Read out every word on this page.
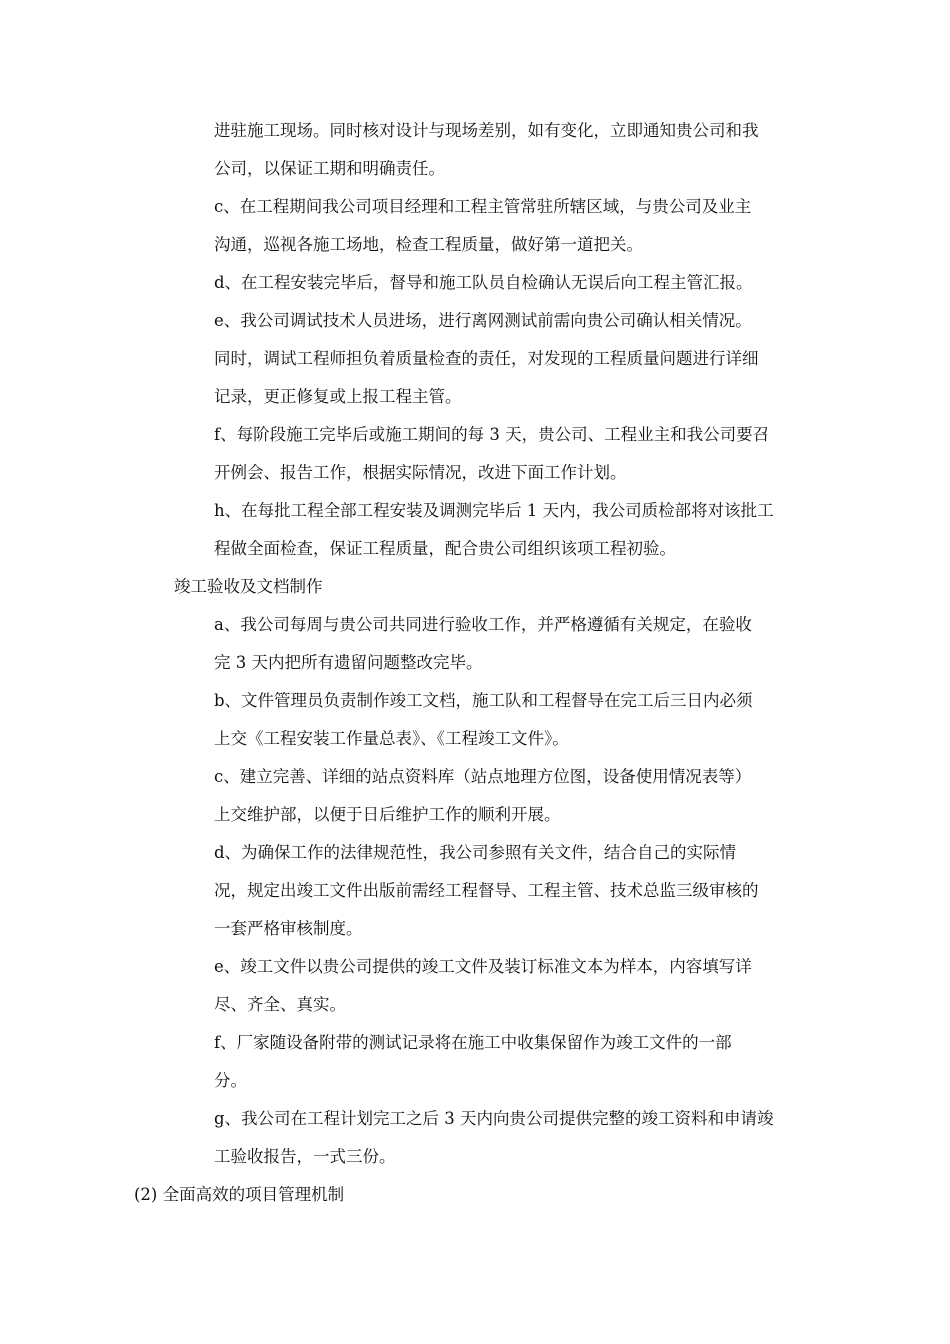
进驻施工现场。同时核对设计与现场差别，如有变化，立即通知贵公司和我
公司，以保证工期和明确责任。
c、在工程期间我公司项目经理和工程主管常驻所辖区域，与贵公司及业主
沟通，巡视各施工场地，检查工程质量，做好第一道把关。
d、在工程安装完毕后，督导和施工队员自检确认无误后向工程主管汇报。
e、我公司调试技术人员进场，进行离网测试前需向贵公司确认相关情况。
同时，调试工程师担负着质量检查的责任，对发现的工程质量问题进行详细
记录，更正修复或上报工程主管。
f、每阶段施工完毕后或施工期间的每 3 天，贵公司、工程业主和我公司要召
开例会、报告工作，根据实际情况，改进下面工作计划。
h、在每批工程全部工程安装及调测完毕后 1 天内，我公司质检部将对该批工
程做全面检查，保证工程质量，配合贵公司组织该项工程初验。
竣工验收及文档制作
a、我公司每周与贵公司共同进行验收工作，并严格遵循有关规定，在验收
完 3 天内把所有遗留问题整改完毕。
b、文件管理员负责制作竣工文档，施工队和工程督导在完工后三日内必须
上交《工程安装工作量总表》、《工程竣工文件》。
c、建立完善、详细的站点资料库（站点地理方位图，设备使用情况表等）
上交维护部，以便于日后维护工作的顺利开展。
d、为确保工作的法律规范性，我公司参照有关文件，结合自己的实际情
况，规定出竣工文件出版前需经工程督导、工程主管、技术总监三级审核的
一套严格审核制度。
e、竣工文件以贵公司提供的竣工文件及装订标准文本为样本，内容填写详
尽、齐全、真实。
f、厂家随设备附带的测试记录将在施工中收集保留作为竣工文件的一部
分。
g、我公司在工程计划完工之后 3 天内向贵公司提供完整的竣工资料和申请竣
工验收报告，一式三份。
(2) 全面高效的项目管理机制
